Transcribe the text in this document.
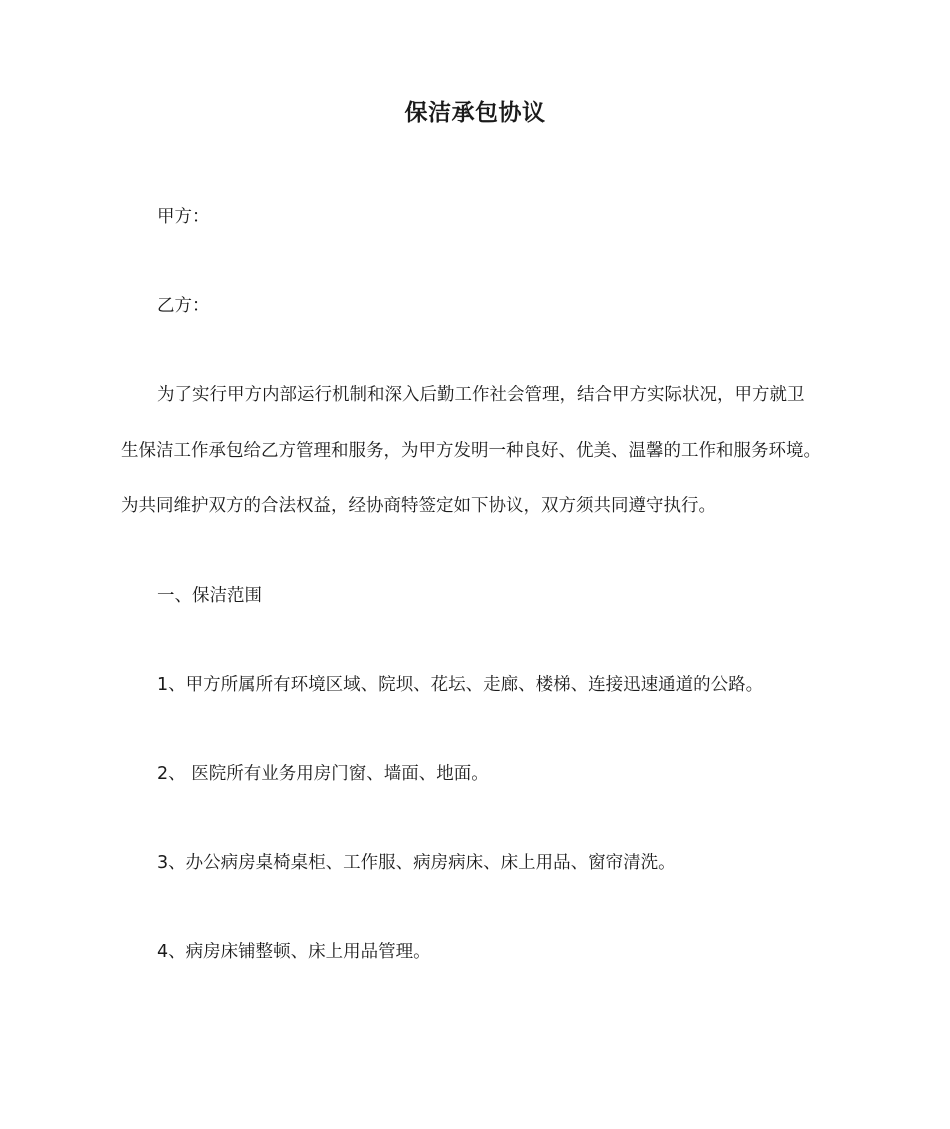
保洁承包协议

甲方：

乙方：

为了实行甲方内部运行机制和深入后勤工作社会管理，结合甲方实际状况，甲方就卫

生保洁工作承包给乙方管理和服务，为甲方发明一种良好、优美、温馨的工作和服务环境。

为共同维护双方的合法权益，经协商特签定如下协议，双方须共同遵守执行。

一、保洁范围

1、甲方所属所有环境区域、院坝、花坛、走廊、楼梯、连接迅速通道的公路。

2、 医院所有业务用房门窗、墙面、地面。

3、办公病房桌椅桌柜、工作服、病房病床、床上用品、窗帘清洗。

4、病房床铺整顿、床上用品管理。
